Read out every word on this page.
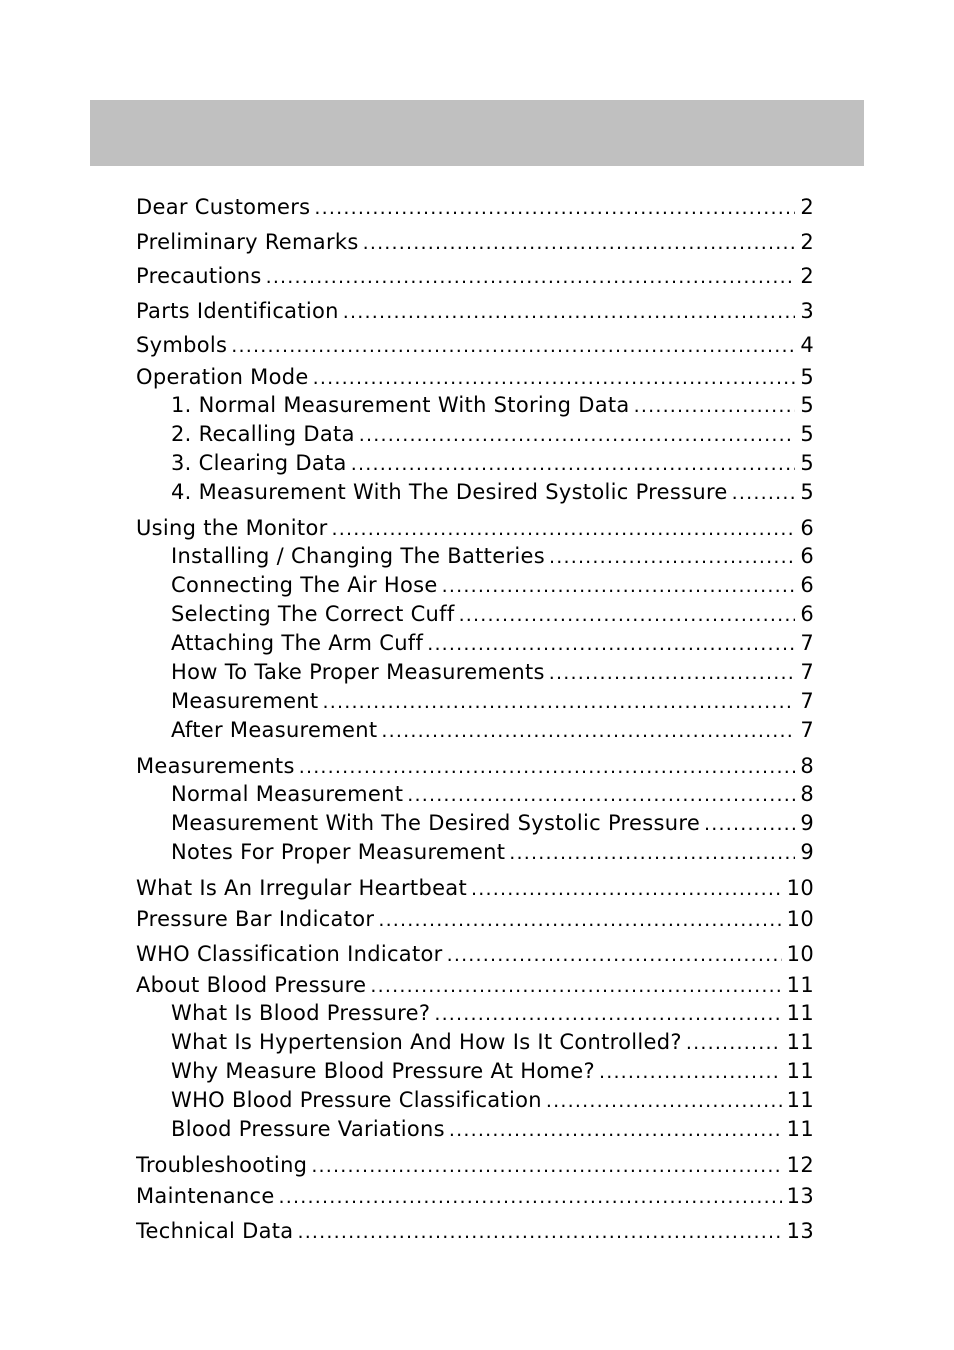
Dear Customers .....	2
Preliminary Remarks .....	2
Precautions .....	2
Parts Identification .....	3
Symbols .....	4
Operation Mode .....	5
1. Normal Measurement With Storing Data .....	5
2. Recalling Data .....	5
3. Clearing Data .....	5
4. Measurement With The Desired Systolic Pressure .....	5
Using the Monitor .....	6
Installing / Changing The Batteries .....	6
Connecting The Air Hose .....	6
Selecting The Correct Cuff .....	6
Attaching The Arm Cuff .....	7
How To Take Proper Measurements .....	7
Measurement .....	7
After Measurement .....	7
Measurements .....	8
Normal Measurement .....	8
Measurement With The Desired Systolic Pressure .....	9
Notes For Proper Measurement .....	9
What Is An Irregular Heartbeat .....	10
Pressure Bar Indicator .....	10
WHO Classification Indicator .....	10
About Blood Pressure .....	11
What Is Blood Pressure? .....	11
What Is Hypertension And How Is It Controlled? .....	11
Why Measure Blood Pressure At Home? .....	11
WHO Blood Pressure Classification .....	11
Blood Pressure Variations .....	11
Troubleshooting .....	12
Maintenance .....	13
Technical Data .....	13
